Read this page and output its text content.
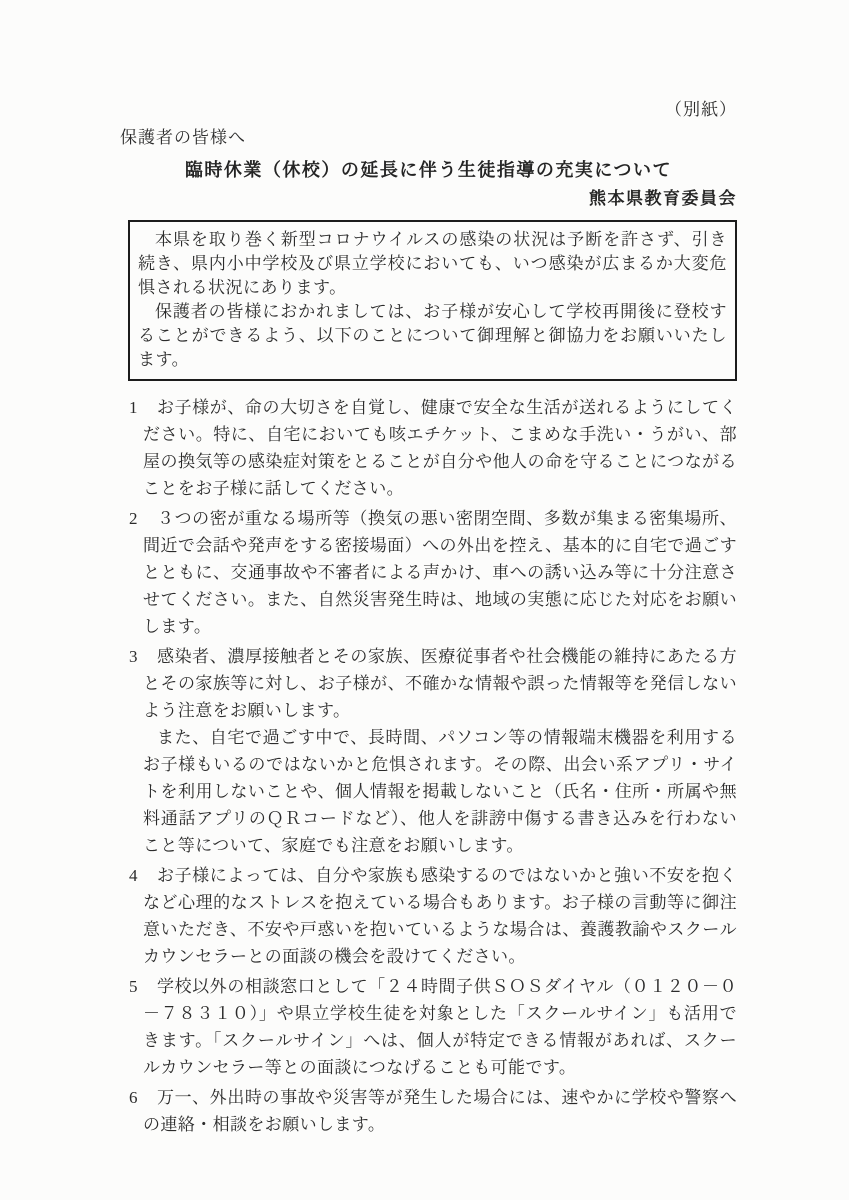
（別紙）
保護者の皆様へ
臨時休業（休校）の延長に伴う生徒指導の充実について
熊本県教育委員会

本県を取り巻く新型コロナウイルスの感染の状況は予断を許さず、引き続き、県内小中学校及び県立学校においても、いつ感染が広まるか大変危惧される状況にあります。

保護者の皆様におかれましては、お子様が安心して学校再開後に登校することができるよう、以下のことについて御理解と御協力をお願いいたします。

1	お子様が、命の大切さを自覚し、健康で安全な生活が送れるようにしてください。特に、自宅においても咳エチケット、こまめな手洗い・うがい、部屋の換気等の感染症対策をとることが自分や他人の命を守ることにつながることをお子様に話してください。

2	３つの密が重なる場所等（換気の悪い密閉空間、多数が集まる密集場所、間近で会話や発声をする密接場面）への外出を控え、基本的に自宅で過ごすとともに、交通事故や不審者による声かけ、車への誘い込み等に十分注意させてください。また、自然災害発生時は、地域の実態に応じた対応をお願いします。

3	感染者、濃厚接触者とその家族、医療従事者や社会機能の維持にあたる方とその家族等に対し、お子様が、不確かな情報や誤った情報等を発信しないよう注意をお願いします。

また、自宅で過ごす中で、長時間、パソコン等の情報端末機器を利用するお子様もいるのではないかと危惧されます。その際、出会い系アプリ・サイトを利用しないことや、個人情報を掲載しないこと（氏名・住所・所属や無料通話アプリのＱＲコードなど）、他人を誹謗中傷する書き込みを行わないこと等について、家庭でも注意をお願いします。

4	お子様によっては、自分や家族も感染するのではないかと強い不安を抱くなど心理的なストレスを抱えている場合もあります。お子様の言動等に御注意いただき、不安や戸惑いを抱いているような場合は、養護教諭やスクールカウンセラーとの面談の機会を設けてください。

5	学校以外の相談窓口として「２４時間子供ＳＯＳダイヤル（０１２０－０－７８３１０）」や県立学校生徒を対象とした「スクールサイン」も活用できます。「スクールサイン」へは、個人が特定できる情報があれば、スクールカウンセラー等との面談につなげることも可能です。

6	万一、外出時の事故や災害等が発生した場合には、速やかに学校や警察への連絡・相談をお願いします。
